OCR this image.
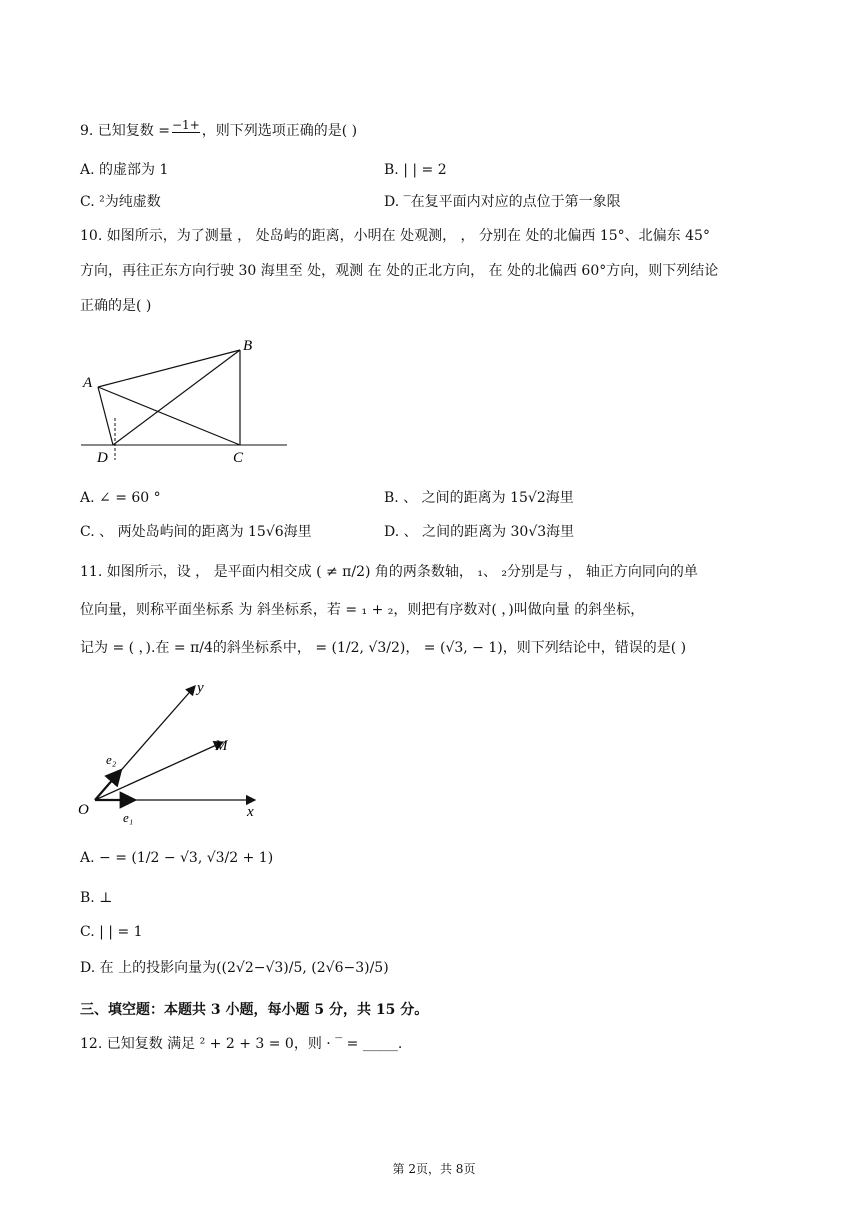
9. 已知复数 = −1+ ，则下列选项正确的是( )
A. 的虚部为 1	B. | | = 2
C. ²为纯虚数	D. ‾在复平面内对应的点位于第一象限
10. 如图所示，为了测量 ， 处岛屿的距离，小明在 处观测， ， 分别在 处的北偏西 15°、北偏东 45°
方向，再往正东方向行驶 30 海里至 处，观测 在 处的正北方向， 在 处的北偏西 60°方向，则下列结论
正确的是( )
A
B
C
D
A. ∠ = 60 °	B. 、 之间的距离为 15√2海里
C. 、 两处岛屿间的距离为 15√6海里	D. 、 之间的距离为 30√3海里
11. 如图所示，设 ， 是平面内相交成 ( ≠ π/2) 角的两条数轴， ₁、 ₂分别是与 ， 轴正方向同向的单
位向量，则称平面坐标系 为 斜坐标系，若 = ₁ + ₂，则把有序数对( ，)叫做向量 的斜坐标，
记为 = ( ，).在 = π/4的斜坐标系中， = (1/2, √3/2)， = (√3, − 1)，则下列结论中，错误的是( )
O	x
y
M
e₁
e₂
A. − = (1/2 − √3, √3/2 + 1)
B. ⊥
C. | | = 1
D. 在 上的投影向量为((2√2−√3)/5, (2√6−3)/5)
三、填空题：本题共 3 小题，每小题 5 分，共 15 分。
12. 已知复数 满足 ² + 2 + 3 = 0，则 · ‾ = _____.
第 2页，共 8页
